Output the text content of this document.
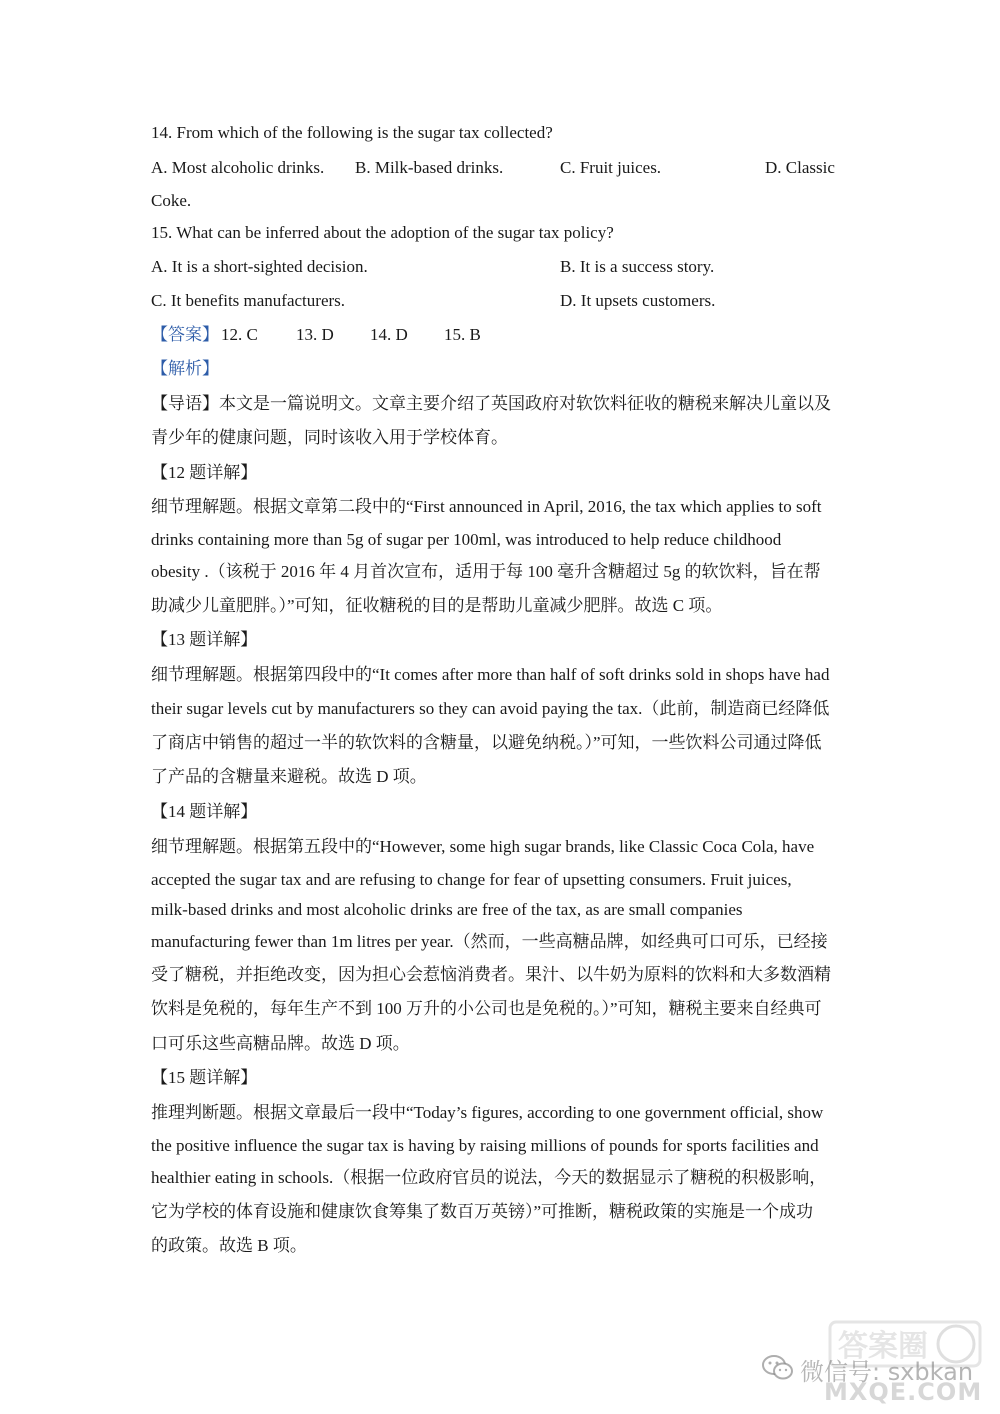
14. From which of the following is the sugar tax collected?
A. Most alcoholic drinks. B. Milk-based drinks.	C. Fruit juices.	D. Classic
Coke.
15. What can be inferred about the adoption of the sugar tax policy?
A. It is a short-sighted decision.	B. It is a success story.
C. It benefits manufacturers.	D. It upsets customers.
【答案】 12. C 13. D 14. D 15. B
【解析】
【导语】本文是一篇说明文。文章主要介绍了英国政府对软饮料征收的糖税来解决儿童以及
青少年的健康问题，同时该收入用于学校体育。
【12 题详解】
细节理解题。根据文章第二段中的“First announced in April, 2016, the tax which applies to soft
drinks containing more than 5g of sugar per 100ml, was introduced to help reduce childhood
obesity .（该税于 2016 年 4 月首次宣布，适用于每 100 毫升含糖超过 5g 的软饮料，旨在帮
助减少儿童肥胖。）”可知，征收糖税的目的是帮助儿童减少肥胖。故选 C 项。
【13 题详解】
细节理解题。根据第四段中的“It comes after more than half of soft drinks sold in shops have had
their sugar levels cut by manufacturers so they can avoid paying the tax.（此前，制造商已经降低
了商店中销售的超过一半的软饮料的含糖量，以避免纳税。）”可知，一些饮料公司通过降低
了产品的含糖量来避税。故选 D 项。
【14 题详解】
细节理解题。根据第五段中的“However, some high sugar brands, like Classic Coca Cola, have
accepted the sugar tax and are refusing to change for fear of upsetting consumers. Fruit juices,
milk-based drinks and most alcoholic drinks are free of the tax, as are small companies
manufacturing fewer than 1m litres per year.（然而，一些高糖品牌，如经典可口可乐，已经接
受了糖税，并拒绝改变，因为担心会惹恼消费者。果汁、以牛奶为原料的饮料和大多数酒精
饮料是免税的，每年生产不到 100 万升的小公司也是免税的。）”可知，糖税主要来自经典可
口可乐这些高糖品牌。故选 D 项。
【15 题详解】
推理判断题。根据文章最后一段中“Today’s figures, according to one government official, show
the positive influence the sugar tax is having by raising millions of pounds for sports facilities and
healthier eating in schools.（根据一位政府官员的说法，今天的数据显示了糖税的积极影响，
它为学校的体育设施和健康饮食筹集了数百万英镑）”可推断，糖税政策的实施是一个成功
的政策。故选 B 项。
答案圈
微信号: sxbkan
MXQE.COM
